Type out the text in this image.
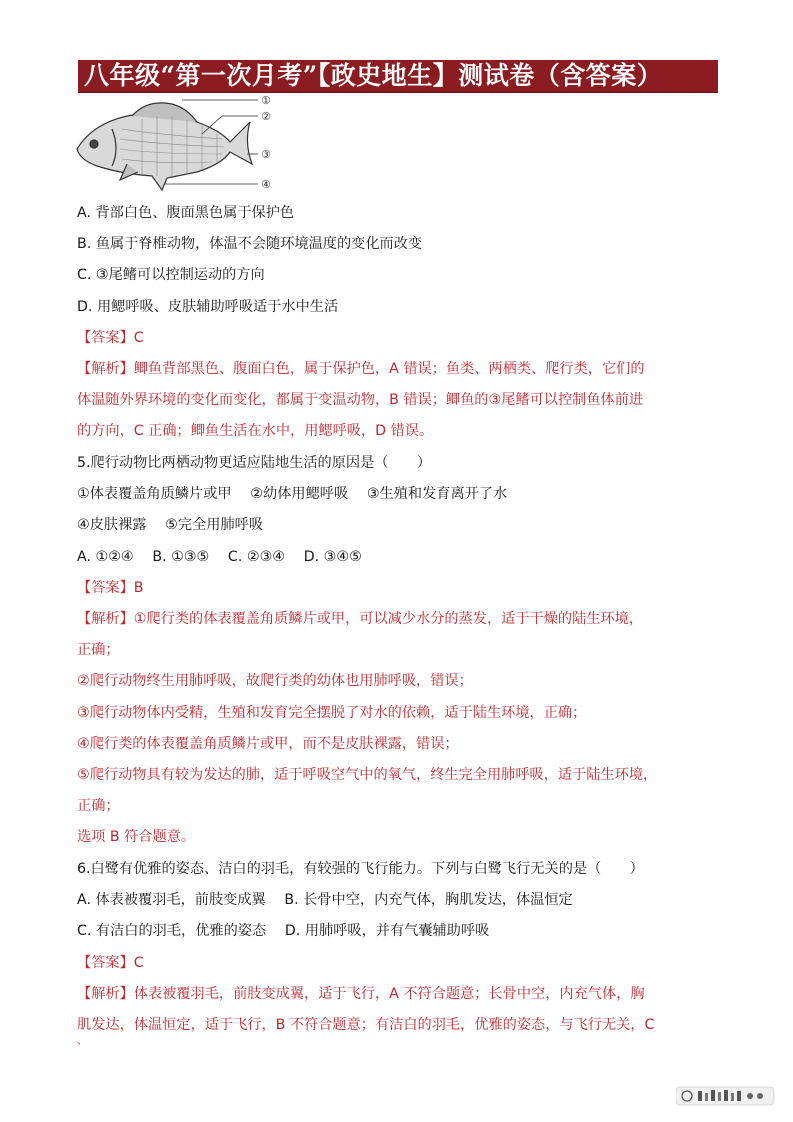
八年级“第一次月考”【政史地生】测试卷（含答案）
①
②
③
④
A. 背部白色、腹面黑色属于保护色
B. 鱼属于脊椎动物，体温不会随环境温度的变化而改变
C. ③尾鳍可以控制运动的方向
D. 用鳃呼吸、皮肤辅助呼吸适于水中生活
【答案】C
【解析】鲫鱼背部黑色、腹面白色，属于保护色，A 错误；鱼类、两栖类、爬行类，它们的
体温随外界环境的变化而变化，都属于变温动物，B 错误；鲫鱼的③尾鳍可以控制鱼体前进
的方向，C 正确；鲫鱼生活在水中，用鳃呼吸，D 错误。
5.爬行动物比两栖动物更适应陆地生活的原因是（　　）
①体表覆盖角质鳞片或甲　 ②幼体用鳃呼吸　 ③生殖和发育离开了水
④皮肤裸露　 ⑤完全用肺呼吸
A. ①②④　 B. ①③⑤　 C. ②③④　 D. ③④⑤
【答案】B
【解析】①爬行类的体表覆盖角质鳞片或甲，可以减少水分的蒸发，适于干燥的陆生环境，
正确；
②爬行动物终生用肺呼吸，故爬行类的幼体也用肺呼吸，错误；
③爬行动物体内受精，生殖和发育完全摆脱了对水的依赖，适于陆生环境，正确；
④爬行类的体表覆盖角质鳞片或甲，而不是皮肤裸露，错误；
⑤爬行动物具有较为发达的肺，适于呼吸空气中的氧气，终生完全用肺呼吸，适于陆生环境，
正确；
选项 B 符合题意。
6.白鹭有优雅的姿态、洁白的羽毛，有较强的飞行能力。下列与白鹭飞行无关的是（　　）
A. 体表被覆羽毛，前肢变成翼　 B. 长骨中空，内充气体，胸肌发达，体温恒定
C. 有洁白的羽毛，优雅的姿态　 D. 用肺呼吸，并有气囊辅助呼吸
【答案】C
【解析】体表被覆羽毛，前肢变成翼，适于飞行，A 不符合题意；长骨中空，内充气体，胸
肌发达，体温恒定，适于飞行，B 不符合题意；有洁白的羽毛，优雅的姿态，与飞行无关，C
、
